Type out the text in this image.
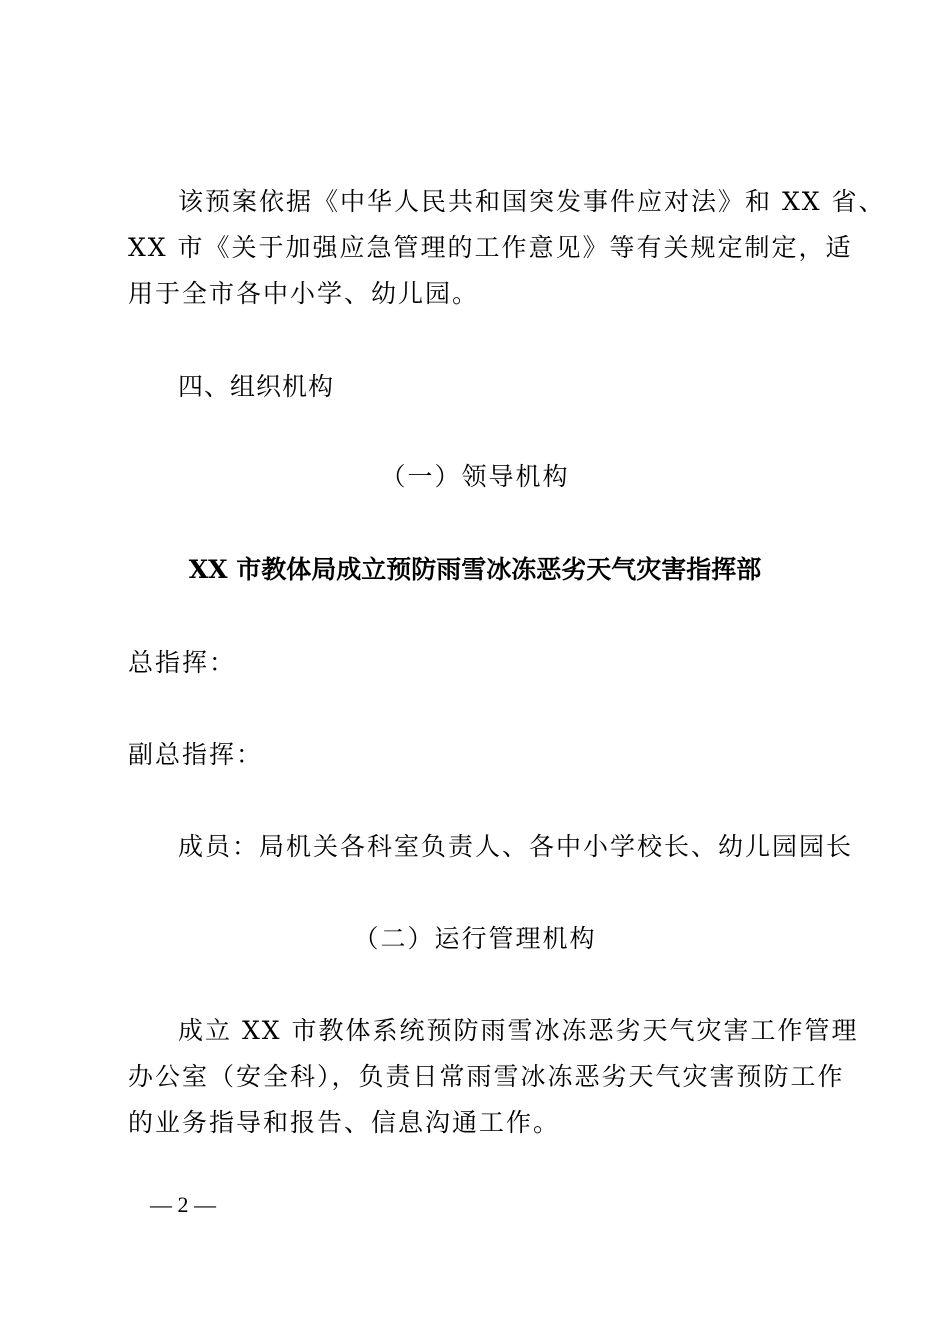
该预案依据《中华人民共和国突发事件应对法》和 XX 省、
XX 市《关于加强应急管理的工作意见》等有关规定制定，适
用于全市各中小学、幼儿园。
四、组织机构
（一）领导机构
XX 市教体局成立预防雨雪冰冻恶劣天气灾害指挥部
总指挥：
副总指挥：
成员：局机关各科室负责人、各中小学校长、幼儿园园长
（二）运行管理机构
成立 XX 市教体系统预防雨雪冰冻恶劣天气灾害工作管理
办公室（安全科），负责日常雨雪冰冻恶劣天气灾害预防工作
的业务指导和报告、信息沟通工作。
— 2 —
